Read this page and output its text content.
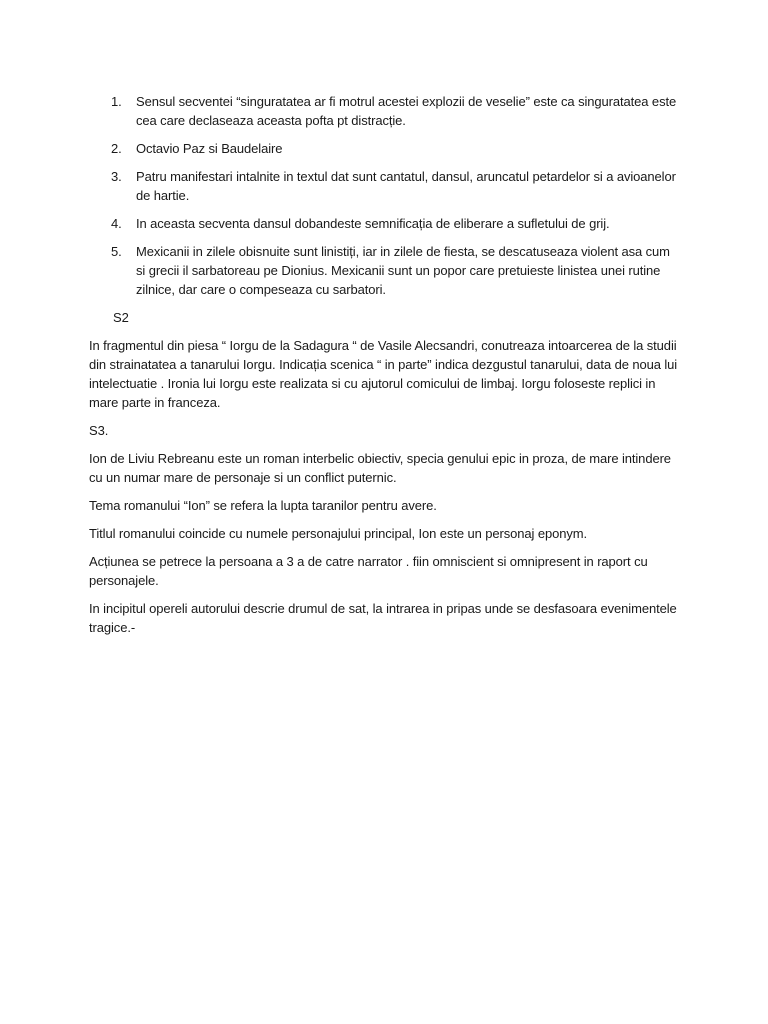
1. Sensul secventei “singuratatea ar fi motrul acestei explozii de veselie” este ca singuratatea este cea care declaseaza aceasta pofta pt distracție.
2. Octavio Paz si Baudelaire
3. Patru manifestari intalnite in textul dat sunt cantatul, dansul, aruncatul petardelor si a avioanelor de hartie.
4. In aceasta secventa dansul dobandeste semnificația de eliberare a sufletului de grij.
5. Mexicanii in zilele obisnuite sunt linistiți, iar in zilele de fiesta, se descatuseaza violent asa cum si grecii il sarbatoreau pe Dionius. Mexicanii sunt un popor care pretuieste linistea unei rutine zilnice, dar care o compeseaza cu sarbatori.
S2

In fragmentul din piesa “ Iorgu de la Sadagura “ de Vasile Alecsandri, conutreaza intoarcerea de la studii din strainatatea a tanarului Iorgu. Indicația scenica “ in parte” indica dezgustul tanarului, data de noua lui intelectuatie . Ironia lui Iorgu este realizata si cu ajutorul comicului de limbaj. Iorgu foloseste replici in mare parte in franceza.

S3.

Ion de Liviu Rebreanu este un roman interbelic obiectiv, specia genului epic in proza, de mare intindere cu un numar mare de personaje si un conflict puternic.

Tema romanului “Ion” se refera la lupta taranilor pentru avere.

Titlul romanului coincide cu numele personajului principal, Ion este un personaj eponym.

Acțiunea se petrece la persoana a 3 a de catre narrator . fiin omniscient si omnipresent in raport cu personajele.

In incipitul opereli autorului descrie drumul de sat, la intrarea in pripas unde se desfasoara evenimentele tragice.-
